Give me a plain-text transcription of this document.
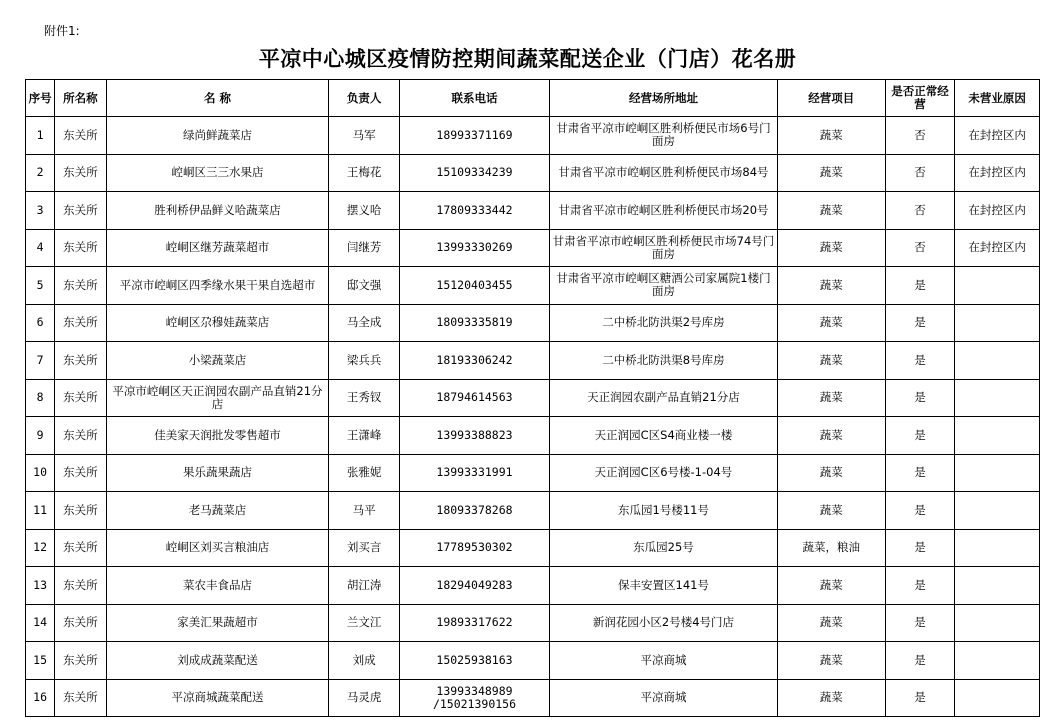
附件1:
平凉中心城区疫情防控期间蔬菜配送企业（门店）花名册
序号	所名称	名 称	负责人	联系电话	经营场所地址	经营项目	是否正常经营	未营业原因
1	东关所	绿尚鲜蔬菜店	马军	18993371169	甘肃省平凉市崆峒区胜利桥便民市场6号门面房	蔬菜	否	在封控区内
2	东关所	崆峒区三三水果店	王梅花	15109334239	甘肃省平凉市崆峒区胜利桥便民市场84号	蔬菜	否	在封控区内
3	东关所	胜利桥伊品鲜义哈蔬菜店	摆义哈	17809333442	甘肃省平凉市崆峒区胜利桥便民市场20号	蔬菜	否	在封控区内
4	东关所	崆峒区继芳蔬菜超市	闫继芳	13993330269	甘肃省平凉市崆峒区胜利桥便民市场74号门面房	蔬菜	否	在封控区内
5	东关所	平凉市崆峒区四季缘水果干果自选超市	邸文强	15120403455	甘肃省平凉市崆峒区糖酒公司家属院1楼门面房	蔬菜	是	
6	东关所	崆峒区尕穆娃蔬菜店	马全成	18093335819	二中桥北防洪渠2号库房	蔬菜	是	
7	东关所	小梁蔬菜店	梁兵兵	18193306242	二中桥北防洪渠8号库房	蔬菜	是	
8	东关所	平凉市崆峒区天正润园农副产品直销21分店	王秀钗	18794614563	天正润园农副产品直销21分店	蔬菜	是	
9	东关所	佳美家天润批发零售超市	王潇峰	13993388823	天正润园C区S4商业楼一楼	蔬菜	是	
10	东关所	果乐蔬果蔬店	张雅妮	13993331991	天正润园C区6号楼-1-04号	蔬菜	是	
11	东关所	老马蔬菜店	马平	18093378268	东瓜园1号楼11号	蔬菜	是	
12	东关所	崆峒区刘买言粮油店	刘买言	17789530302	东瓜园25号	蔬菜，粮油	是	
13	东关所	菜农丰食品店	胡江涛	18294049283	保丰安置区141号	蔬菜	是	
14	东关所	家美汇果蔬超市	兰文江	19893317622	新润花园小区2号楼4号门店	蔬菜	是	
15	东关所	刘成成蔬菜配送	刘成	15025938163	平凉商城	蔬菜	是	
16	东关所	平凉商城蔬菜配送	马灵虎	13993348989 /15021390156	平凉商城	蔬菜	是	
